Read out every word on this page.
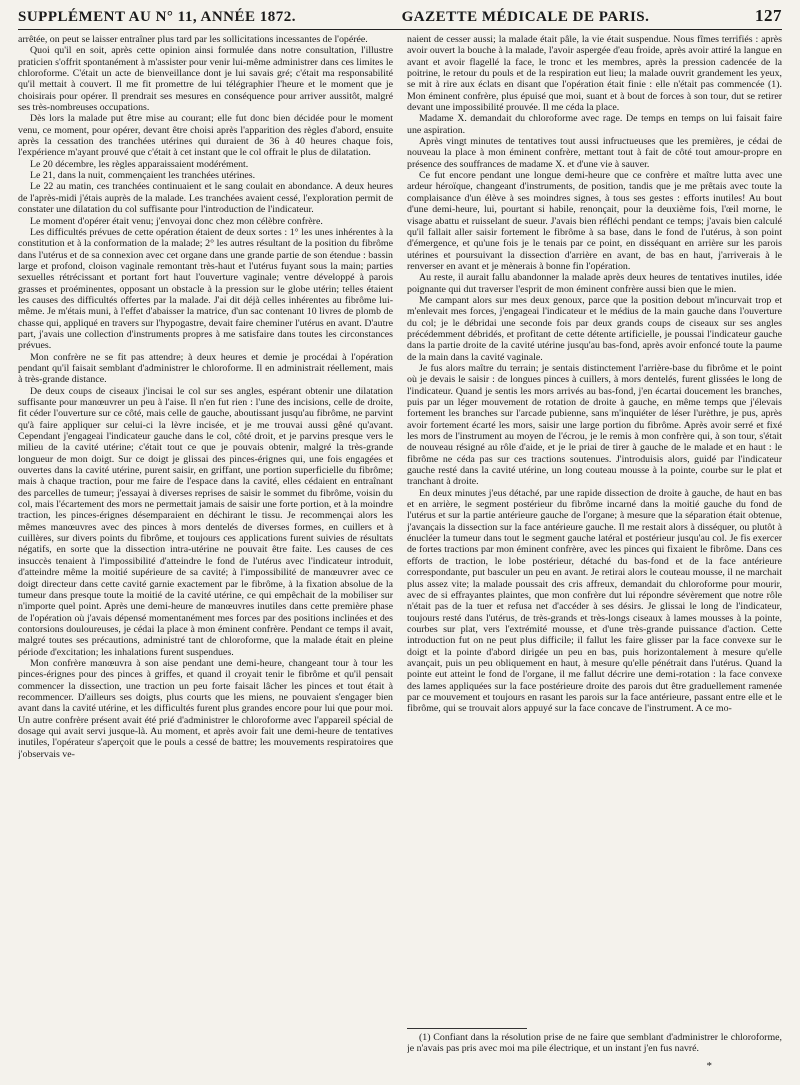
SUPPLÉMENT AU N° 11, ANNÉE 1872.	GAZETTE MÉDICALE DE PARIS.	127

arrêtée, on peut se laisser entraîner plus tard par les sollicitations incessantes de l'opérée.

Quoi qu'il en soit, après cette opinion ainsi formulée dans notre consultation, l'illustre praticien s'offrit spontanément à m'assister pour venir lui-même administrer dans ces limites le chloroforme. C'était un acte de bienveillance dont je lui savais gré; c'était ma responsabilité qu'il mettait à couvert. Il me fit promettre de lui télégraphier l'heure et le moment que je choisirais pour opérer. Il prendrait ses mesures en conséquence pour arriver aussitôt, malgré ses très-nombreuses occupations.

Dès lors la malade put être mise au courant; elle fut donc bien décidée pour le moment venu, ce moment, pour opérer, devant être choisi après l'apparition des règles d'abord, ensuite après la cessation des tranchées utérines qui duraient de 36 à 40 heures chaque fois, l'expérience m'ayant prouvé que c'était à cet instant que le col offrait le plus de dilatation.

Le 20 décembre, les règles apparaissaient modérément.

Le 21, dans la nuit, commençaient les tranchées utérines.

Le 22 au matin, ces tranchées continuaient et le sang coulait en abondance. A deux heures de l'après-midi j'étais auprès de la malade. Les tranchées avaient cessé, l'exploration permit de constater une dilatation du col suffisante pour l'introduction de l'indicateur.

Le moment d'opérer était venu; j'envoyai donc chez mon célèbre confrère.

Les difficultés prévues de cette opération étaient de deux sortes : 1° les unes inhérentes à la constitution et à la conformation de la malade; 2° les autres résultant de la position du fibrôme dans l'utérus et de sa connexion avec cet organe dans une grande partie de son étendue : bassin large et profond, cloison vaginale remontant très-haut et l'utérus fuyant sous la main; parties sexuelles rétrécissant et portant fort haut l'ouverture vaginale; ventre développé à parois grasses et proéminentes, opposant un obstacle à la pression sur le globe utérin; telles étaient les causes des difficultés offertes par la malade. J'ai dit déjà celles inhérentes au fibrôme lui-même. Je m'étais muni, à l'effet d'abaisser la matrice, d'un sac contenant 10 livres de plomb de chasse qui, appliqué en travers sur l'hypogastre, devait faire cheminer l'utérus en avant. D'autre part, j'avais une collection d'instruments propres à me satisfaire dans toutes les circonstances prévues.

Mon confrère ne se fit pas attendre; à deux heures et demie je procédai à l'opération pendant qu'il faisait semblant d'administrer le chloroforme. Il en administrait réellement, mais à très-grande distance.

De deux coups de ciseaux j'incisai le col sur ses angles, espérant obtenir une dilatation suffisante pour manœuvrer un peu à l'aise. Il n'en fut rien : l'une des incisions, celle de droite, fit céder l'ouverture sur ce côté, mais celle de gauche, aboutissant jusqu'au fibrôme, ne parvint qu'à faire appliquer sur celui-ci la lèvre incisée, et je me trouvai aussi gêné qu'avant. Cependant j'engageai l'indicateur gauche dans le col, côté droit, et je parvins presque vers le milieu de la cavité utérine; c'était tout ce que je pouvais obtenir, malgré la très-grande longueur de mon doigt. Sur ce doigt je glissai des pinces-érignes qui, une fois engagées et ouvertes dans la cavité utérine, purent saisir, en griffant, une portion superficielle du fibrôme; mais à chaque traction, pour me faire de l'espace dans la cavité, elles cédaient en entraînant des parcelles de tumeur; j'essayai à diverses reprises de saisir le sommet du fibrôme, voisin du col, mais l'écartement des mors ne permettait jamais de saisir une forte portion, et à la moindre traction, les pinces-érignes désemparaient en déchirant le tissu. Je recommençai alors les mêmes manœuvres avec des pinces à mors dentelés de diverses formes, en cuillers et à cuillères, sur divers points du fibrôme, et toujours ces applications furent suivies de résultats négatifs, en sorte que la dissection intra-utérine ne pouvait être faite. Les causes de ces insuccès tenaient à l'impossibilité d'atteindre le fond de l'utérus avec l'indicateur introduit, d'atteindre même la moitié supérieure de sa cavité; à l'impossibilité de manœuvrer avec ce doigt directeur dans cette cavité garnie exactement par le fibrôme, à la fixation absolue de la tumeur dans presque toute la moitié de la cavité utérine, ce qui empêchait de la mobiliser sur n'importe quel point. Après une demi-heure de manœuvres inutiles dans cette première phase de l'opération où j'avais dépensé momentanément mes forces par des positions inclinées et des contorsions douloureuses, je cédai la place à mon éminent confrère. Pendant ce temps il avait, malgré toutes ses précautions, administré tant de chloroforme, que la malade était en pleine période d'excitation; les inhalations furent suspendues.

Mon confrère manœuvra à son aise pendant une demi-heure, changeant tour à tour les pinces-érignes pour des pinces à griffes, et quand il croyait tenir le fibrôme et qu'il pensait commencer la dissection, une traction un peu forte faisait lâcher les pinces et tout était à recommencer. D'ailleurs ses doigts, plus courts que les miens, ne pouvaient s'engager bien avant dans la cavité utérine, et les difficultés furent plus grandes encore pour lui que pour moi. Un autre confrère présent avait été prié d'administrer le chloroforme avec l'appareil spécial de dosage qui avait servi jusque-là. Au moment, et après avoir fait une demi-heure de tentatives inutiles, l'opérateur s'aperçoit que le pouls a cessé de battre; les mouvements respiratoires que j'observais ve-

naient de cesser aussi; la malade était pâle, la vie était suspendue. Nous fîmes terrifiés : après avoir ouvert la bouche à la malade, l'avoir aspergée d'eau froide, après avoir attiré la langue en avant et avoir flagellé la face, le tronc et les membres, après la pression cadencée de la poitrine, le retour du pouls et de la respiration eut lieu; la malade ouvrit grandement les yeux, se mit à rire aux éclats en disant que l'opération était finie : elle n'était pas commencée (1). Mon éminent confrère, plus épuisé que moi, suant et à bout de forces à son tour, dut se retirer devant une impossibilité prouvée. Il me céda la place.

Madame X. demandait du chloroforme avec rage. De temps en temps on lui faisait faire une aspiration.

Après vingt minutes de tentatives tout aussi infructueuses que les premières, je cédai de nouveau la place à mon éminent confrère, mettant tout à fait de côté tout amour-propre en présence des souffrances de madame X. et d'une vie à sauver.

Ce fut encore pendant une longue demi-heure que ce confrère et maître lutta avec une ardeur héroïque, changeant d'instruments, de position, tandis que je me prêtais avec toute la complaisance d'un élève à ses moindres signes, à tous ses gestes : efforts inutiles! Au bout d'une demi-heure, lui, pourtant si habile, renonçait, pour la deuxième fois, l'œil morne, le visage abattu et ruisselant de sueur. J'avais bien réfléchi pendant ce temps; j'avais bien calculé qu'il fallait aller saisir fortement le fibrôme à sa base, dans le fond de l'utérus, à son point d'émergence, et qu'une fois je le tenais par ce point, en disséquant en arrière sur les parois utérines et poursuivant la dissection d'arrière en avant, de bas en haut, j'arriverais à le renverser en avant et je mènerais à bonne fin l'opération.

Au reste, il aurait fallu abandonner la malade après deux heures de tentatives inutiles, idée poignante qui dut traverser l'esprit de mon éminent confrère aussi bien que le mien.

Me campant alors sur mes deux genoux, parce que la position debout m'incurvait trop et m'enlevait mes forces, j'engageai l'indicateur et le médius de la main gauche dans l'ouverture du col; je le débridai une seconde fois par deux grands coups de ciseaux sur ses angles précédemment débridés, et profitant de cette détente artificielle, je poussai l'indicateur gauche dans la partie droite de la cavité utérine jusqu'au bas-fond, après avoir enfoncé toute la paume de la main dans la cavité vaginale.

Je fus alors maître du terrain; je sentais distinctement l'arrière-base du fibrôme et le point où je devais le saisir : de longues pinces à cuillers, à mors dentelés, furent glissées le long de l'indicateur. Quand je sentis les mors arrivés au bas-fond, j'en écartai doucement les branches, puis par un léger mouvement de rotation de droite à gauche, en même temps que j'élevais fortement les branches sur l'arcade pubienne, sans m'inquiéter de léser l'urèthre, je pus, après avoir fortement écarté les mors, saisir une large portion du fibrôme. Après avoir serré et fixé les mors de l'instrument au moyen de l'écrou, je le remis à mon confrère qui, à son tour, s'était de nouveau résigné au rôle d'aide, et je le priai de tirer à gauche de le malade et en haut : le fibrôme ne céda pas sur ces tractions soutenues. J'introduisis alors, guidé par l'indicateur gauche resté dans la cavité utérine, un long couteau mousse à la pointe, courbe sur le plat et tranchant à droite.

En deux minutes j'eus détaché, par une rapide dissection de droite à gauche, de haut en bas et en arrière, le segment postérieur du fibrôme incarné dans la moitié gauche du fond de l'utérus et sur la partie antérieure gauche de l'organe; à mesure que la séparation était obtenue, j'avançais la dissection sur la face antérieure gauche. Il me restait alors à disséquer, ou plutôt à énucléer la tumeur dans tout le segment gauche latéral et postérieur jusqu'au col. Je fis exercer de fortes tractions par mon éminent confrère, avec les pinces qui fixaient le fibrôme. Dans ces efforts de traction, le lobe postérieur, détaché du bas-fond et de la face antérieure correspondante, put basculer un peu en avant. Je retirai alors le couteau mousse, il ne marchait plus assez vite; la malade poussait des cris affreux, demandait du chloroforme pour mourir, avec de si effrayantes plaintes, que mon confrère dut lui répondre sévèrement que notre rôle n'était pas de la tuer et refusa net d'accéder à ses désirs. Je glissai le long de l'indicateur, toujours resté dans l'utérus, de très-grands et très-longs ciseaux à lames mousses à la pointe, courbes sur plat, vers l'extrémité mousse, et d'une très-grande puissance d'action. Cette introduction fut on ne peut plus difficile; il fallut les faire glisser par la face convexe sur le doigt et la pointe d'abord dirigée un peu en bas, puis horizontalement à mesure qu'elle avançait, puis un peu obliquement en haut, à mesure qu'elle pénétrait dans l'utérus. Quand la pointe eut atteint le fond de l'organe, il me fallut décrire une demi-rotation : la face convexe des lames appliquées sur la face postérieure droite des parois dut être graduellement ramenée par ce mouvement et toujours en rasant les parois sur la face antérieure, passant entre elle et le fibrôme, qui se trouvait alors appuyé sur la face concave de l'instrument. A ce mo-

(1) Confiant dans la résolution prise de ne faire que semblant d'administrer le chloroforme, je n'avais pas pris avec moi ma pile électrique, et un instant j'en fus navré.
*
